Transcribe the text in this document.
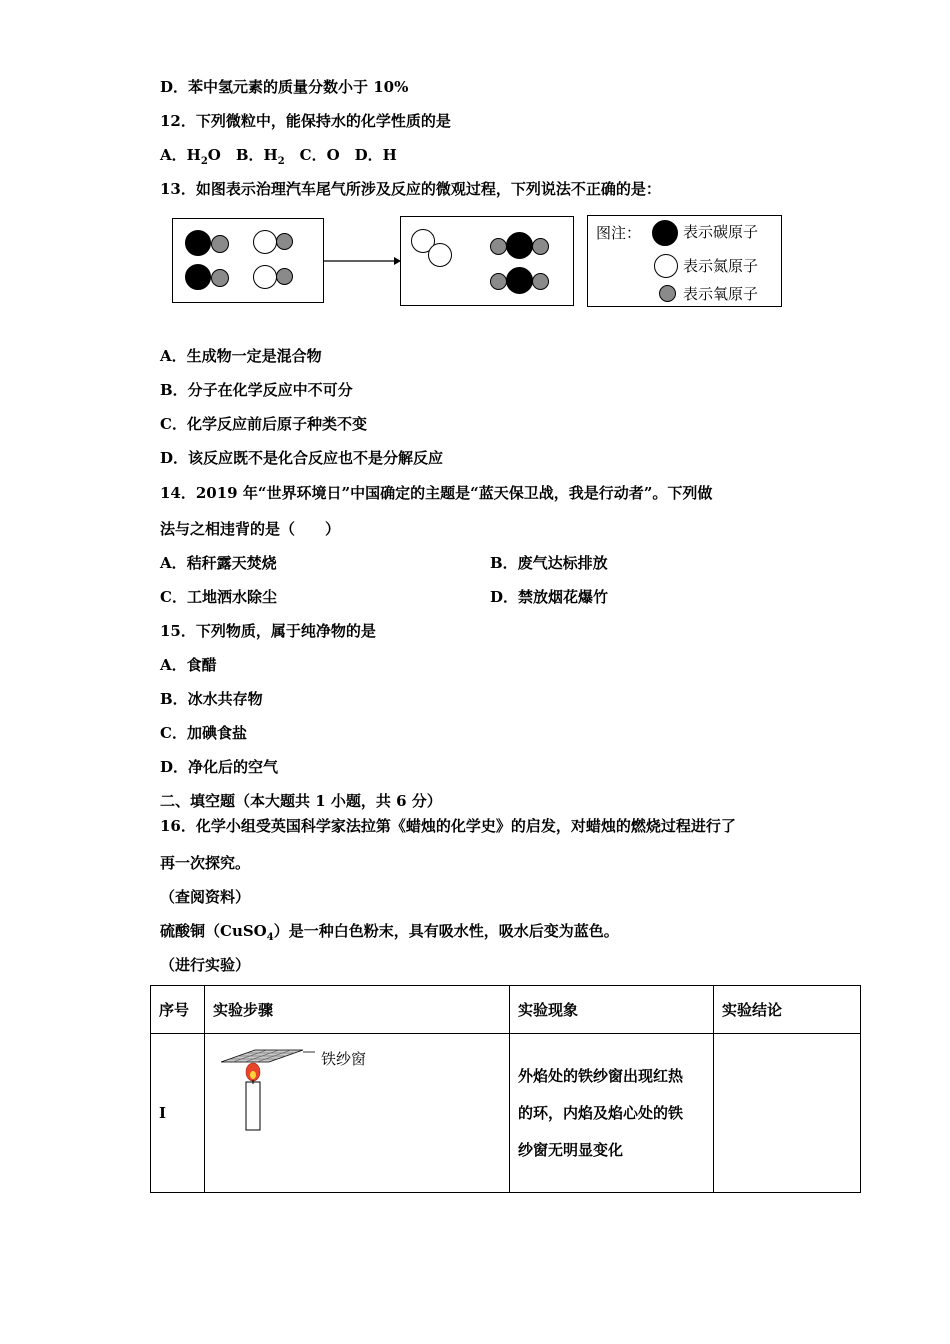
D．苯中氢元素的质量分数小于 10%
12．下列微粒中，能保持水的化学性质的是
A．$H_2O$　B．$H_2$　C．O　D．H
13．如图表示治理汽车尾气所涉及反应的微观过程，下列说法不正确的是：
图注：	表示碳原子
表示氮原子
表示氧原子
A．生成物一定是混合物
B．分子在化学反应中不可分
C．化学反应前后原子种类不变
D．该反应既不是化合反应也不是分解反应
14．2019 年“世界环境日”中国确定的主题是“蓝天保卫战，我是行动者”。下列做
法与之相违背的是（　　）
A．秸秆露天焚烧	B．废气达标排放
C．工地洒水除尘	D．禁放烟花爆竹
15．下列物质，属于纯净物的是
A．食醋
B．冰水共存物
C．加碘食盐
D．净化后的空气
二、填空题（本大题共 1 小题，共 6 分）
16．化学小组受英国科学家法拉第《蜡烛的化学史》的启发，对蜡烛的燃烧过程进行了
再一次探究。
（查阅资料）
硫酸铜（CuSO$_4$）是一种白色粉末，具有吸水性，吸水后变为蓝色。
（进行实验）
序号	实验步骤	实验现象	实验结论
I	铁纱窗	外焰处的铁纱窗出现红热
的环，内焰及焰心处的铁
纱窗无明显变化	
